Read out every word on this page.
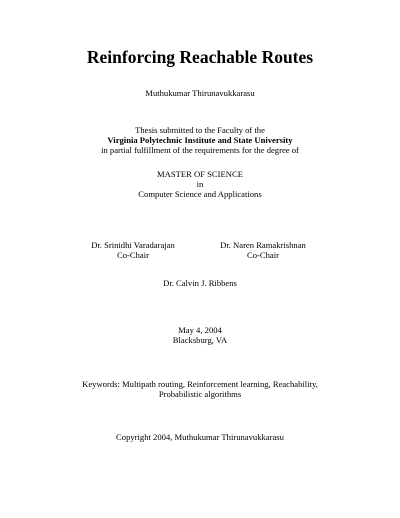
Reinforcing Reachable Routes
Muthukumar Thirunavukkarasu
Thesis submitted to the Faculty of the
Virginia Polytechnic Institute and State University
in partial fulfillment of the requirements for the degree of
MASTER OF SCIENCE
in
Computer Science and Applications
Dr. Srinidhi Varadarajan
Co-Chair
Dr. Naren Ramakrishnan
Co-Chair
Dr. Calvin J. Ribbens
May 4, 2004
Blacksburg, VA
Keywords: Multipath routing, Reinforcement learning, Reachability,
Probabilistic algorithms
Copyright 2004, Muthukumar Thirunavukkarasu
